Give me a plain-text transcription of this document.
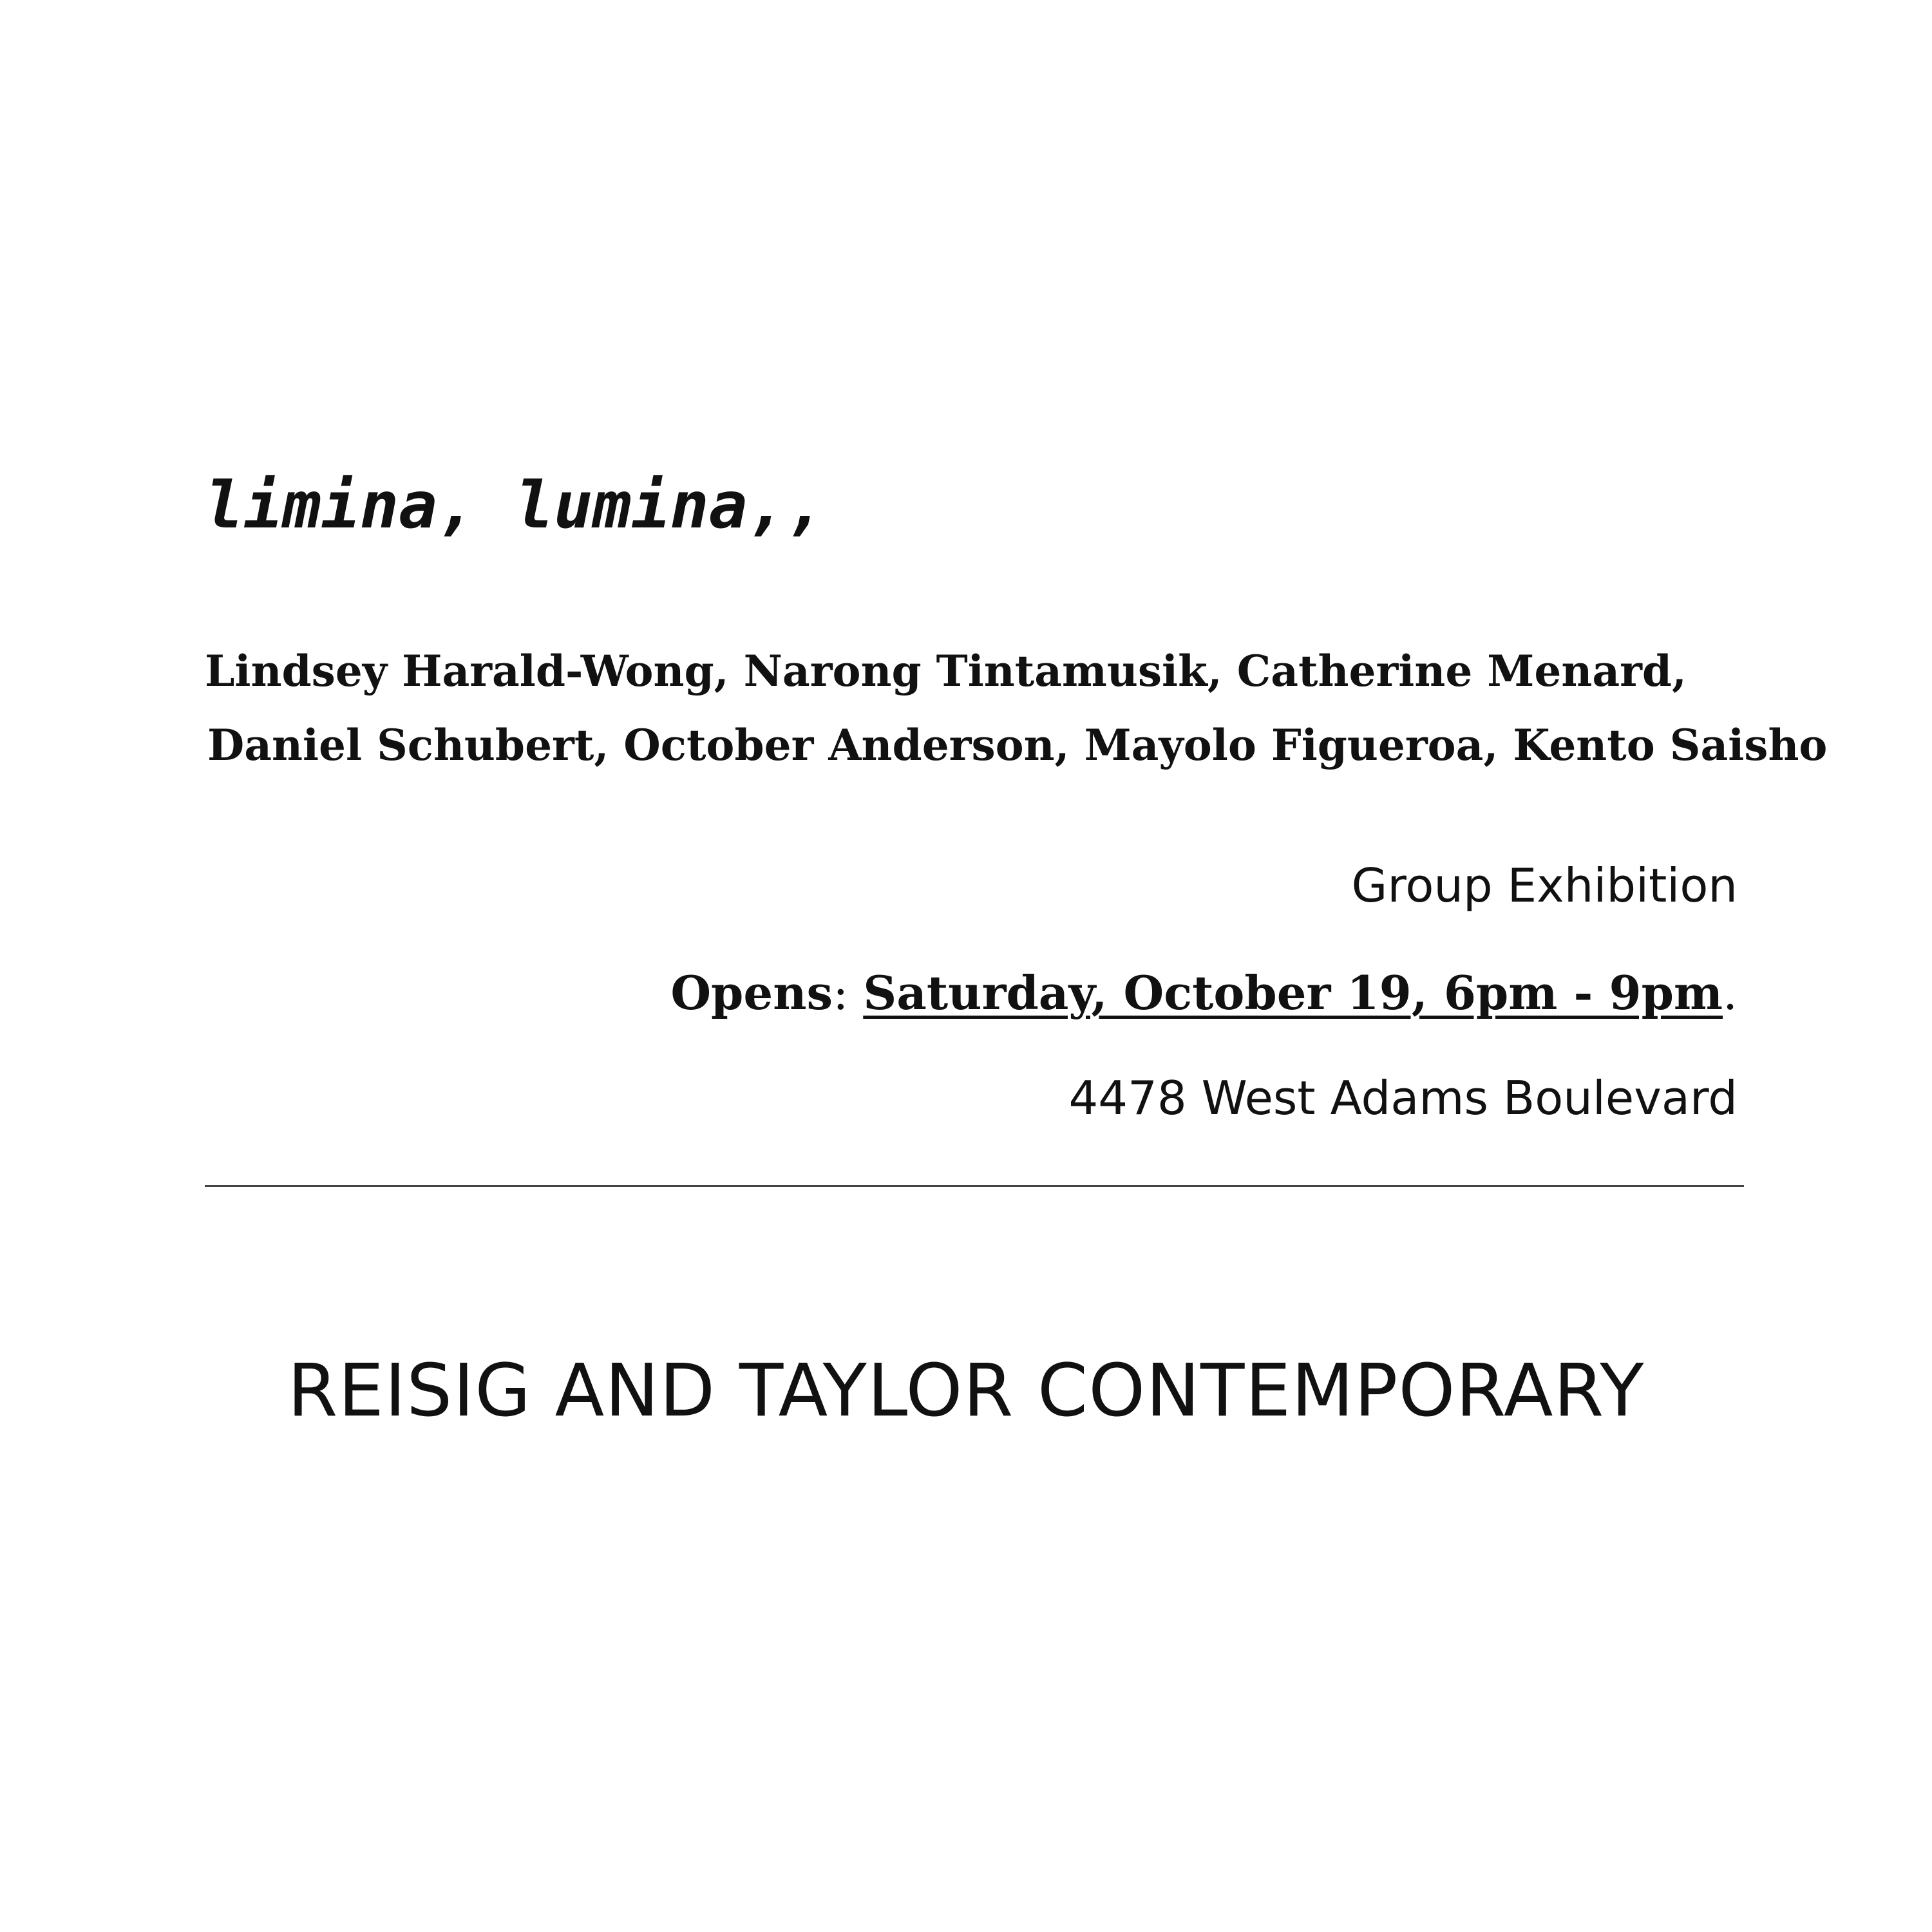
limina, lumina,,
Lindsey Harald-Wong, Narong Tintamusik, Catherine Menard,
Daniel Schubert, October Anderson, Mayolo Figueroa, Kento Saisho
Group Exhibition
Opens: Saturday, October 19, 6pm - 9pm.
4478 West Adams Boulevard
REISIG AND TAYLOR CONTEMPORARY
